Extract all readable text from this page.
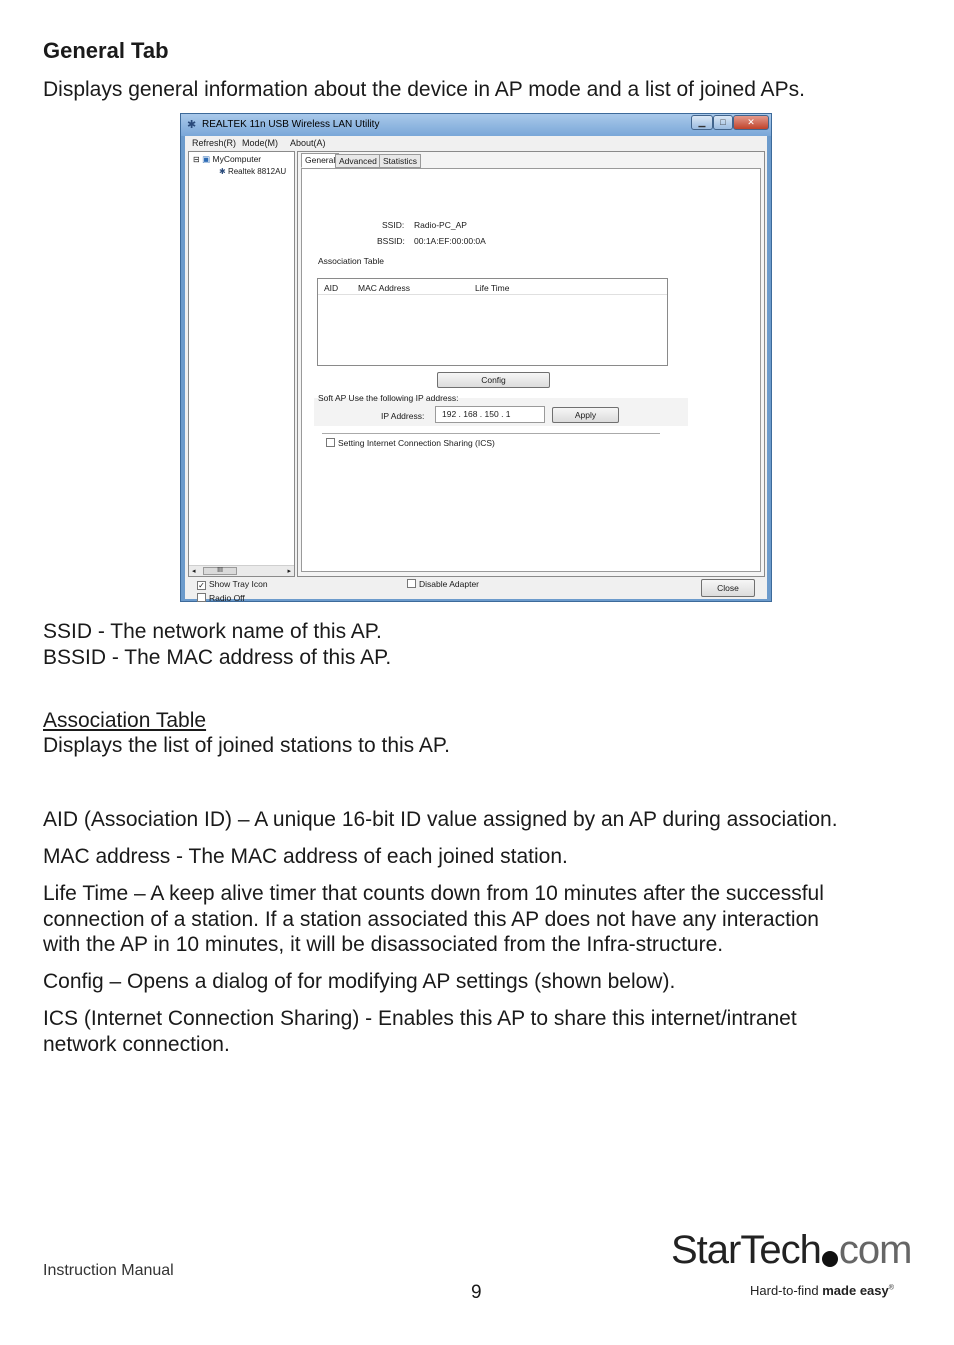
General Tab
Displays general information about the device in AP mode and a list of joined APs.
✱ REALTEK 11n USB Wireless LAN Utility	▁	□	✕
Refresh(R) Mode(M) About(A)
⊟ ▣ MyComputer
✱ Realtek 8812AU
◂	III	▸
General Advanced Statistics
SSID: Radio-PC_AP
BSSID: 00:1A:EF:00:00:0A
Association Table
AID MAC Address	Life Time
Config
Soft AP Use the following IP address:
IP Address:	192 . 168 . 150 . 1	Apply
Setting Internet Connection Sharing (ICS)
✓ Show Tray Icon
Radio Off
Disable Adapter	Close
SSID - The network name of this AP.
BSSID - The MAC address of this AP.
Association Table
Displays the list of joined stations to this AP.
AID (Association ID) – A unique 16-bit ID value assigned by an AP during association.
MAC address - The MAC address of each joined station.
Life Time – A keep alive timer that counts down from 10 minutes after the successful
connection of a station. If a station associated this AP does not have any interaction
with the AP in 10 minutes, it will be disassociated from the Infra-structure.
Config – Opens a dialog of for modifying AP settings (shown below).
ICS (Internet Connection Sharing) - Enables this AP to share this internet/intranet
network connection.
Instruction Manual
9
StarTech com
Hard-to-find made easy®
